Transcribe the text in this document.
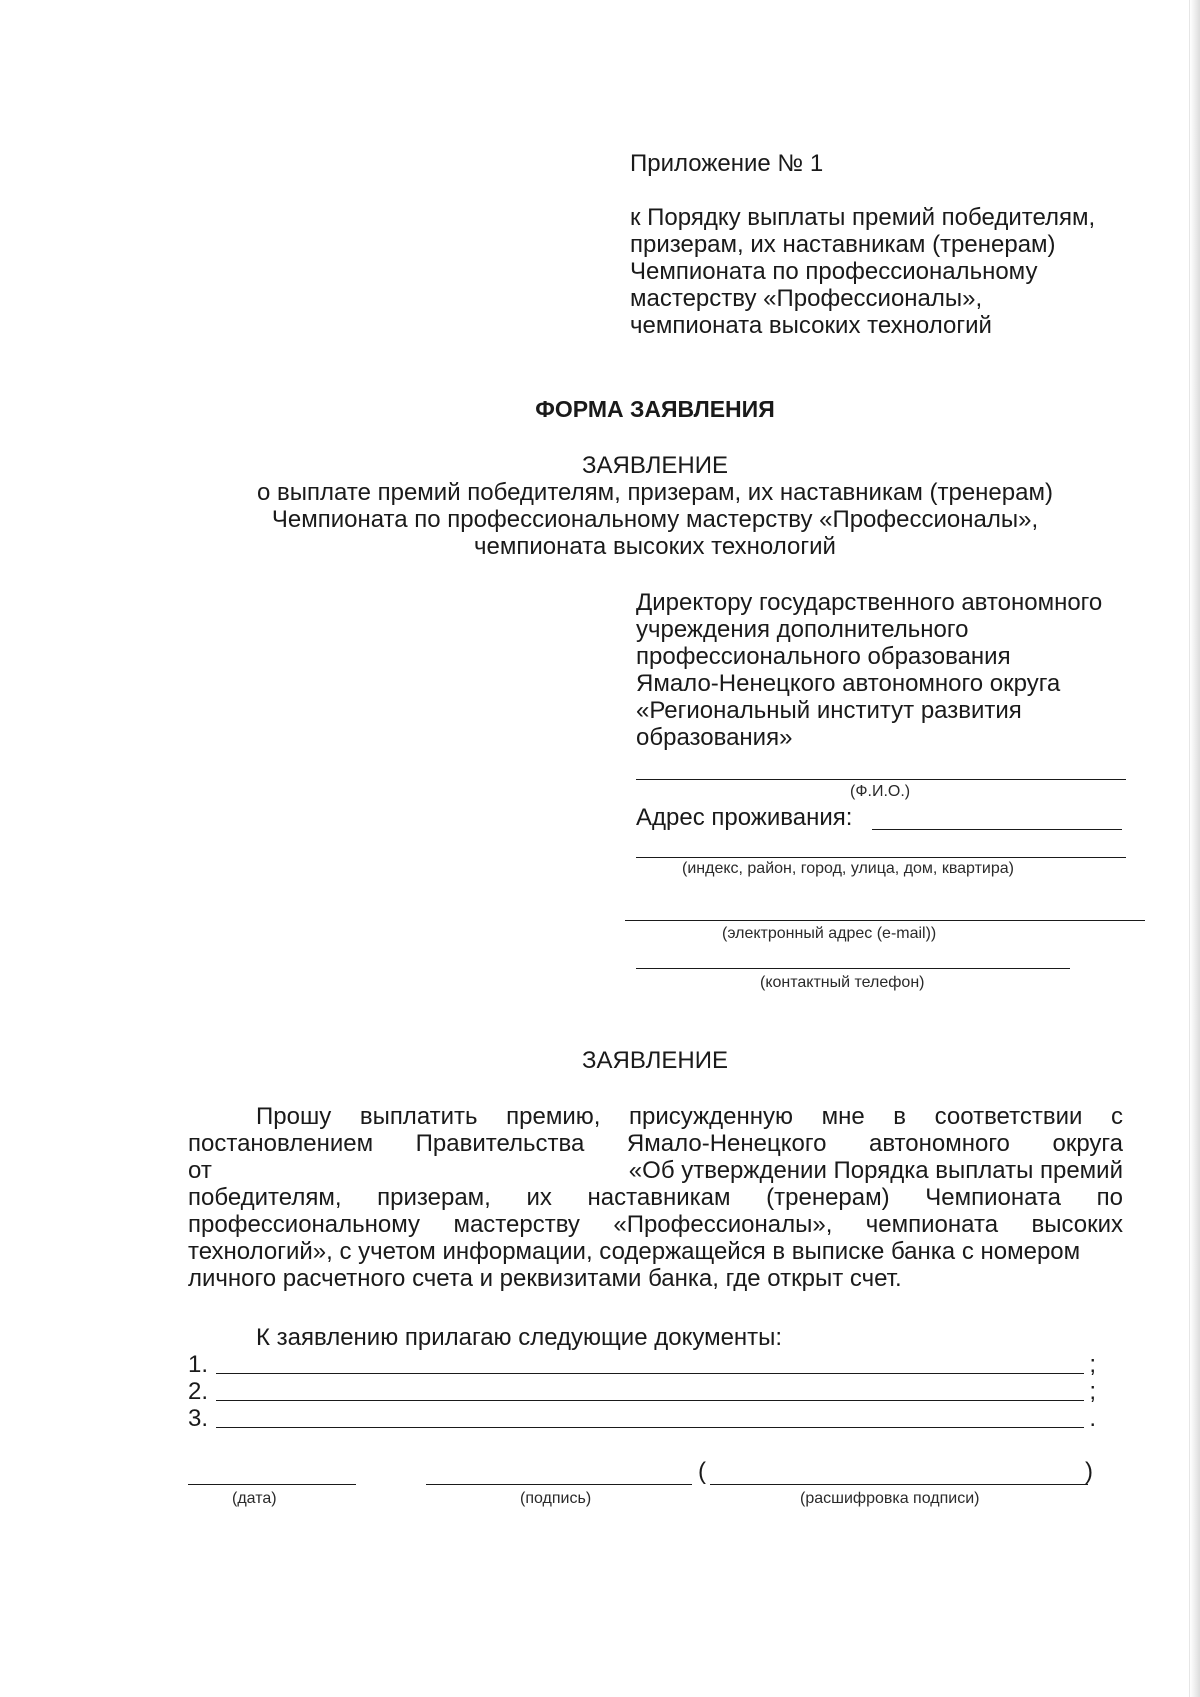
Приложение № 1
к Порядку выплаты премий победителям,
призерам, их наставникам (тренерам)
Чемпионата по профессиональному
мастерству «Профессионалы»,
чемпионата высоких технологий
ФОРМА ЗАЯВЛЕНИЯ
ЗАЯВЛЕНИЕ
о выплате премий победителям, призерам, их наставникам (тренерам)
Чемпионата по профессиональному мастерству «Профессионалы»,
чемпионата высоких технологий
Директору государственного автономного
учреждения дополнительного
профессионального образования
Ямало-Ненецкого автономного округа
«Региональный институт развития
образования»
(Ф.И.О.)
Адрес проживания:
(индекс, район, город, улица, дом, квартира)
(электронный адрес (e-mail))
(контактный телефон)
ЗАЯВЛЕНИЕ
Прошу выплатить премию, присужденную мне в соответствии с
постановлением Правительства Ямало-Ненецкого автономного округа
от	«Об утверждении Порядка выплаты премий
победителям, призерам, их наставникам (тренерам) Чемпионата по
профессиональному мастерству «Профессионалы», чемпионата высоких
технологий», с учетом информации, содержащейся в выписке банка с номером
личного расчетного счета и реквизитами банка, где открыт счет.
К заявлению прилагаю следующие документы:
1.	;
2.	;
3.	.
(дата)	(подпись)
(	)
(расшифровка подписи)
